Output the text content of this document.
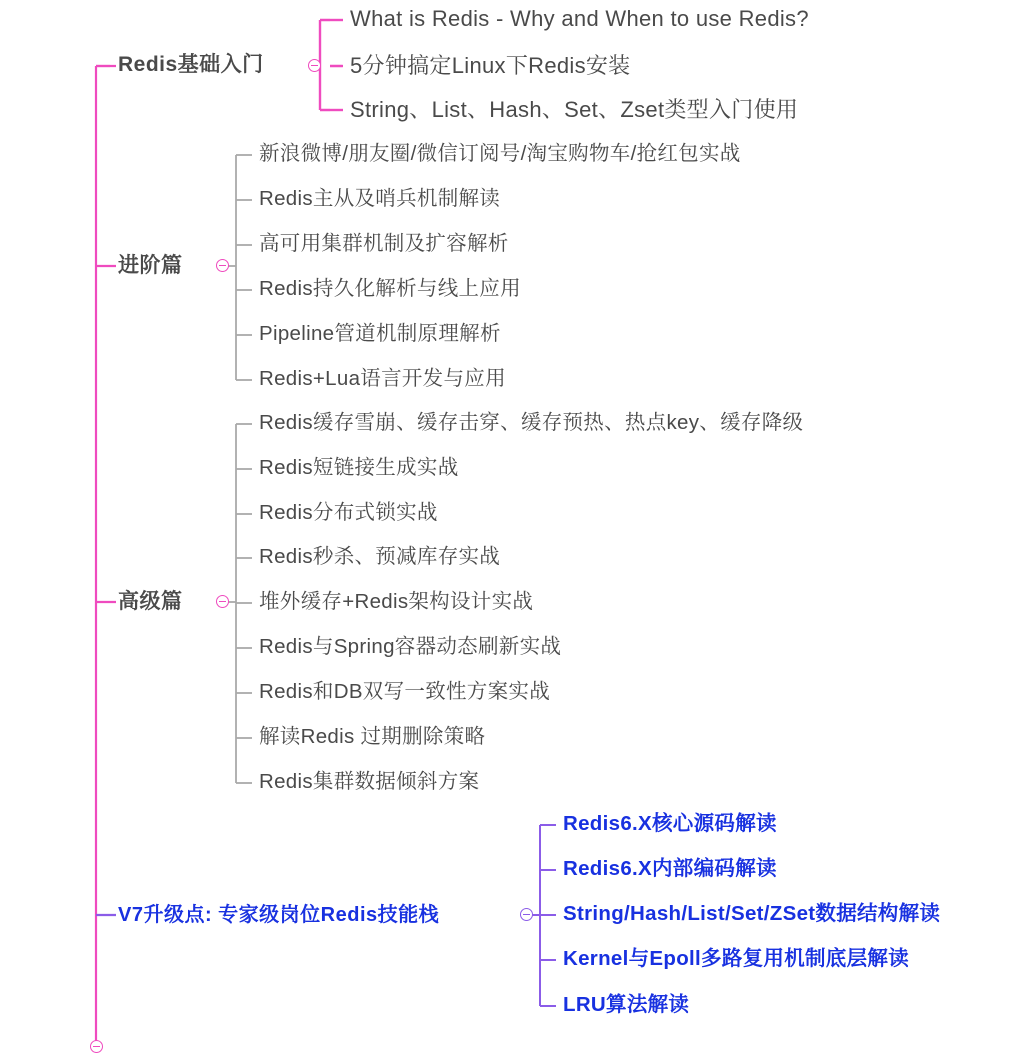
Redis基础入门
What is Redis - Why and When to use Redis?
5分钟搞定Linux下Redis安装
String、List、Hash、Set、Zset类型入门使用
进阶篇
新浪微博/朋友圈/微信订阅号/淘宝购物车/抢红包实战
Redis主从及哨兵机制解读
高可用集群机制及扩容解析
Redis持久化解析与线上应用
Pipeline管道机制原理解析
Redis+Lua语言开发与应用
高级篇
Redis缓存雪崩、缓存击穿、缓存预热、热点key、缓存降级
Redis短链接生成实战
Redis分布式锁实战
Redis秒杀、预减库存实战
堆外缓存+Redis架构设计实战
Redis与Spring容器动态刷新实战
Redis和DB双写一致性方案实战
解读Redis 过期删除策略
Redis集群数据倾斜方案
V7升级点: 专家级岗位Redis技能栈
Redis6.X核心源码解读
Redis6.X内部编码解读
String/Hash/List/Set/ZSet数据结构解读
Kernel与Epoll多路复用机制底层解读
LRU算法解读
